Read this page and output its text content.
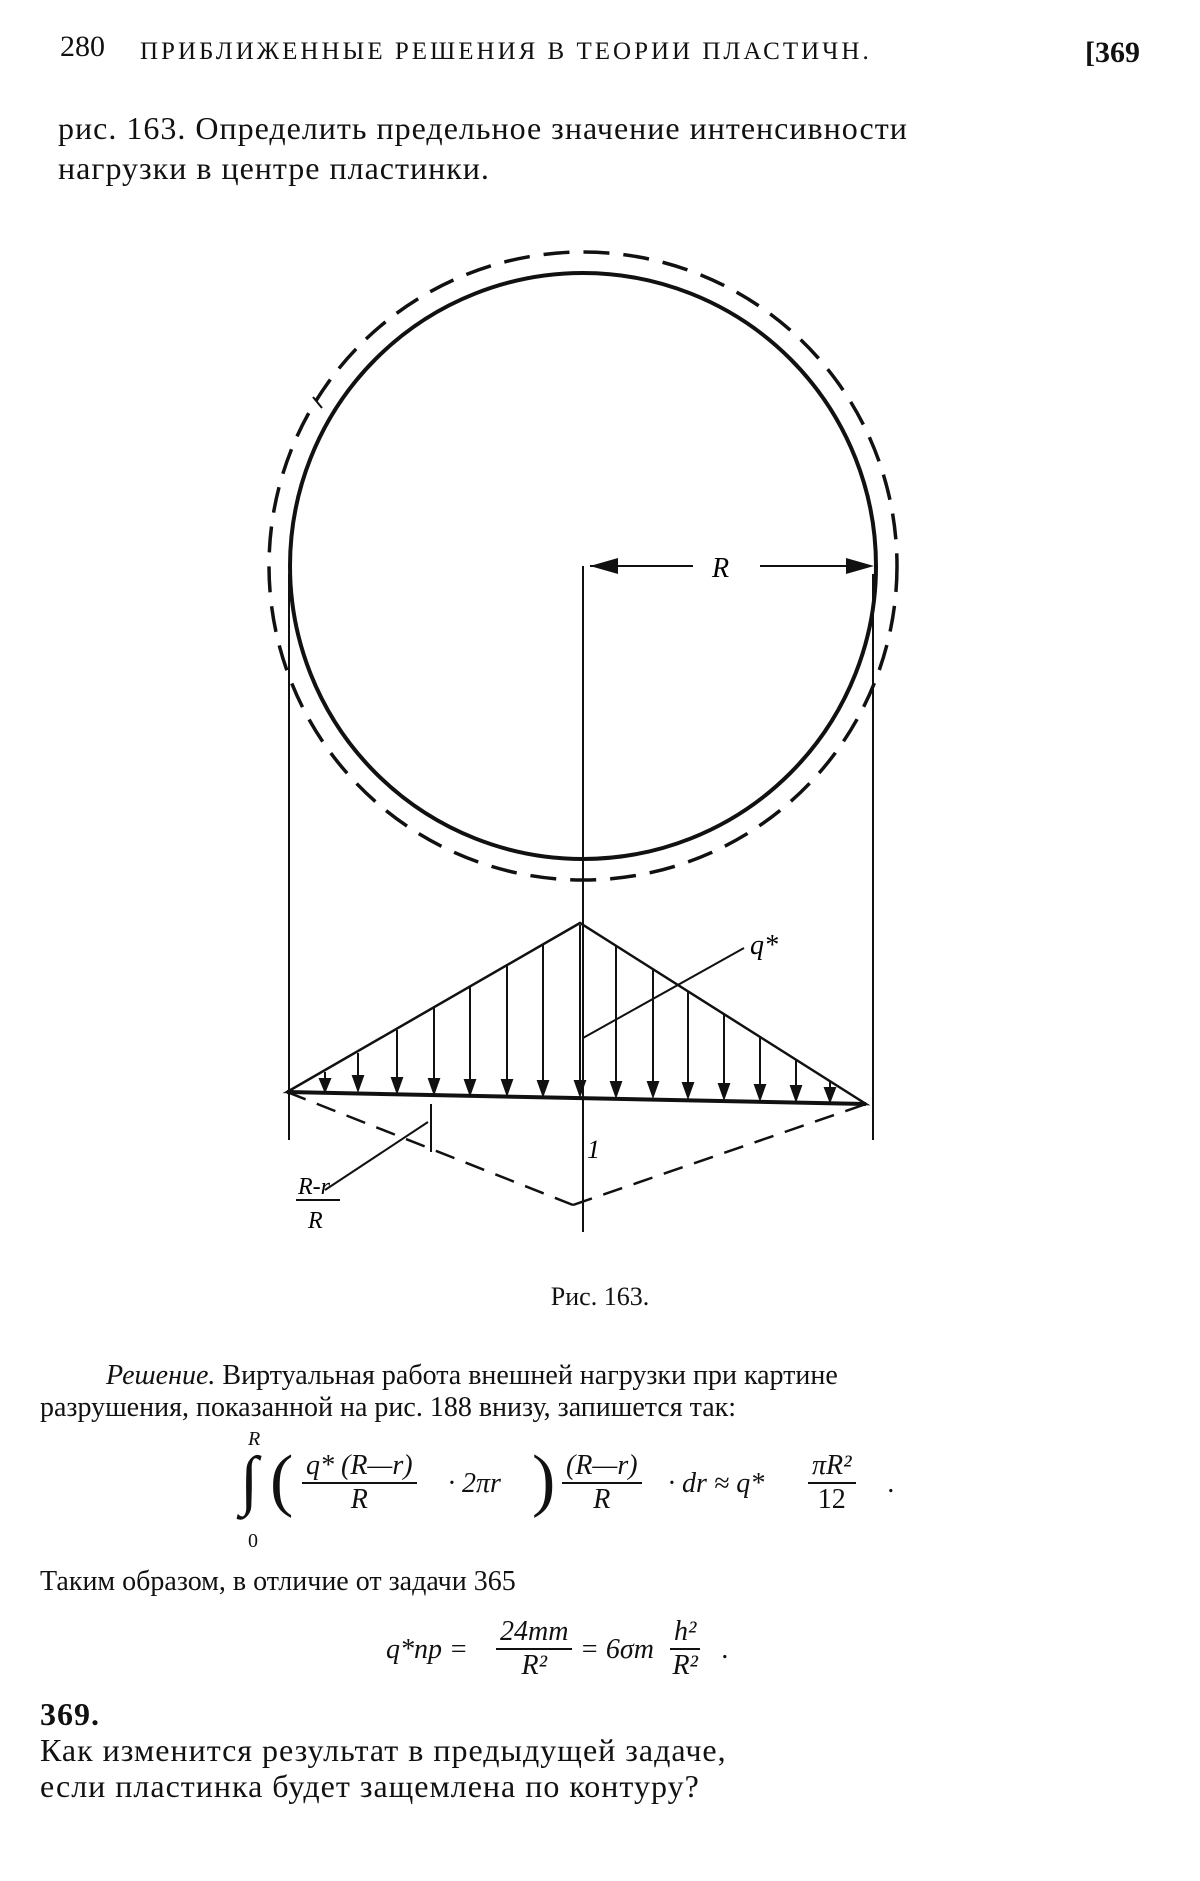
280 ПРИБЛИЖЕННЫЕ РЕШЕНИЯ В ТЕОРИИ ПЛАСТИЧН.	[369
рис. 163. Определить предельное значение интенсивности
нагрузки в центре пластинки.
R
q*
1
R-r
R
Рис. 163.
Решение. Виртуальная работа внешней нагрузки при картине
разрушения, показанной на рис. 188 внизу, запишется так:
R
∫
0
( $\frac{q* (R—r)}{R} \cdot 2\pi r$ ) $\frac{(R—r)}{R}$ · dr ≈ $q* \frac{\text{πR²}}{12}$ .
Таким образом, в отличие от задачи 365
q*пр =
24mт
R²
= $6\sigma т \frac{\text{h²}}{\text{R²}}$ .
369.
Как изменится результат в предыдущей задаче,
если пластинка будет защемлена по контуру?
